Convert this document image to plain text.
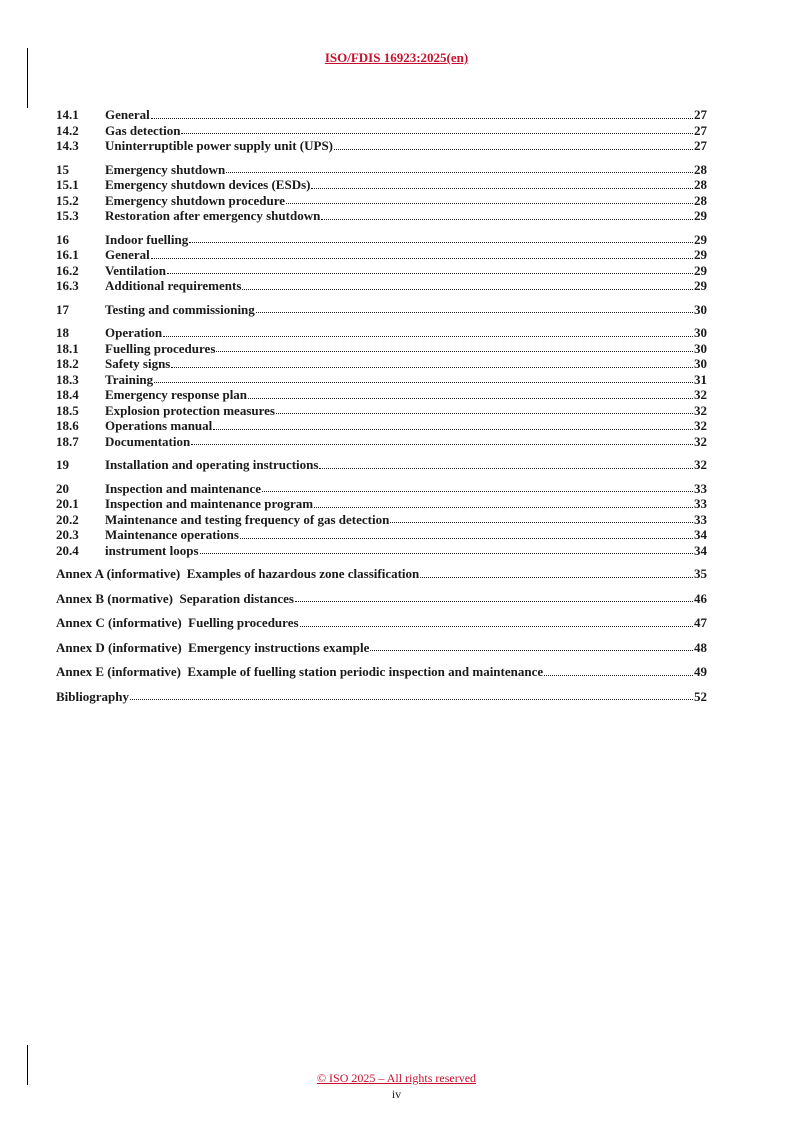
ISO/FDIS 16923:2025(en)
14.1	General	27
14.2	Gas detection	27
14.3	Uninterruptible power supply unit (UPS)	27
15	Emergency shutdown	28
15.1	Emergency shutdown devices (ESDs)	28
15.2	Emergency shutdown procedure	28
15.3	Restoration after emergency shutdown	29
16	Indoor fuelling	29
16.1	General	29
16.2	Ventilation	29
16.3	Additional requirements	29
17	Testing and commissioning	30
18	Operation	30
18.1	Fuelling procedures	30
18.2	Safety signs	30
18.3	Training	31
18.4	Emergency response plan	32
18.5	Explosion protection measures	32
18.6	Operations manual	32
18.7	Documentation	32
19	Installation and operating instructions	32
20	Inspection and maintenance	33
20.1	Inspection and maintenance program	33
20.2	Maintenance and testing frequency of gas detection	33
20.3	Maintenance operations	34
20.4	instrument loops	34
Annex A (informative)  Examples of hazardous zone classification	35
Annex B (normative)  Separation distances	46
Annex C (informative)  Fuelling procedures	47
Annex D (informative)  Emergency instructions example	48
Annex E (informative)  Example of fuelling station periodic inspection and maintenance	49
Bibliography	52
© ISO 2025 – All rights reserved
iv
